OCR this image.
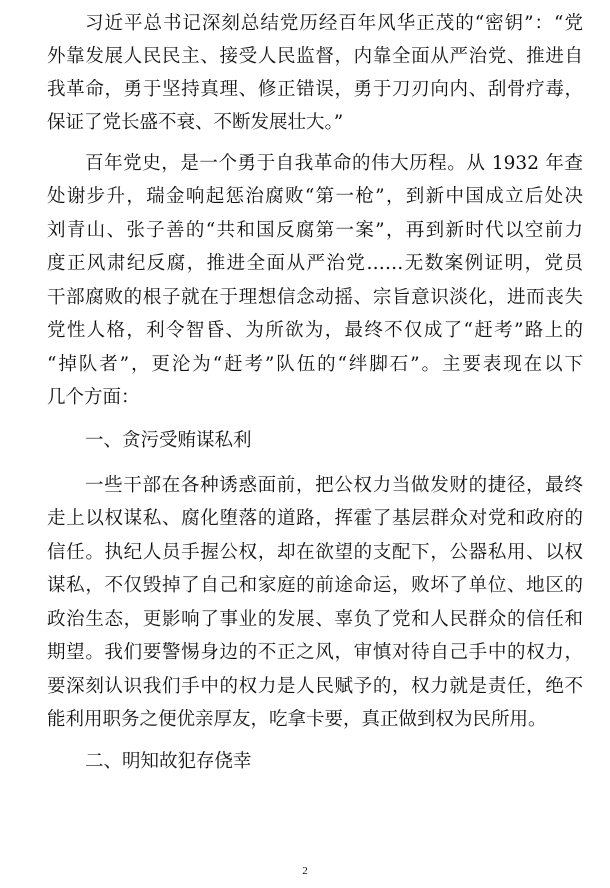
习近平总书记深刻总结党历经百年风华正茂的“密钥”：“党
外靠发展人民民主、接受人民监督，内靠全面从严治党、推进自
我革命，勇于坚持真理、修正错误，勇于刀刃向内、刮骨疗毒，
保证了党长盛不衰、不断发展壮大。”
百年党史，是一个勇于自我革命的伟大历程。从 1932 年查
处谢步升，瑞金响起惩治腐败“第一枪”，到新中国成立后处决
刘青山、张子善的“共和国反腐第一案”，再到新时代以空前力
度正风肃纪反腐，推进全面从严治党……无数案例证明，党员
干部腐败的根子就在于理想信念动摇、宗旨意识淡化，进而丧失
党性人格，利令智昏、为所欲为，最终不仅成了“赶考”路上的
“掉队者”，更沦为“赶考”队伍的“绊脚石”。主要表现在以下
几个方面：
一、贪污受贿谋私利
一些干部在各种诱惑面前，把公权力当做发财的捷径，最终
走上以权谋私、腐化堕落的道路，挥霍了基层群众对党和政府的
信任。执纪人员手握公权，却在欲望的支配下，公器私用、以权
谋私，不仅毁掉了自己和家庭的前途命运，败坏了单位、地区的
政治生态，更影响了事业的发展、辜负了党和人民群众的信任和
期望。我们要警惕身边的不正之风，审慎对待自己手中的权力，
要深刻认识我们手中的权力是人民赋予的，权力就是责任，绝不
能利用职务之便优亲厚友，吃拿卡要，真正做到权为民所用。
二、明知故犯存侥幸
2
